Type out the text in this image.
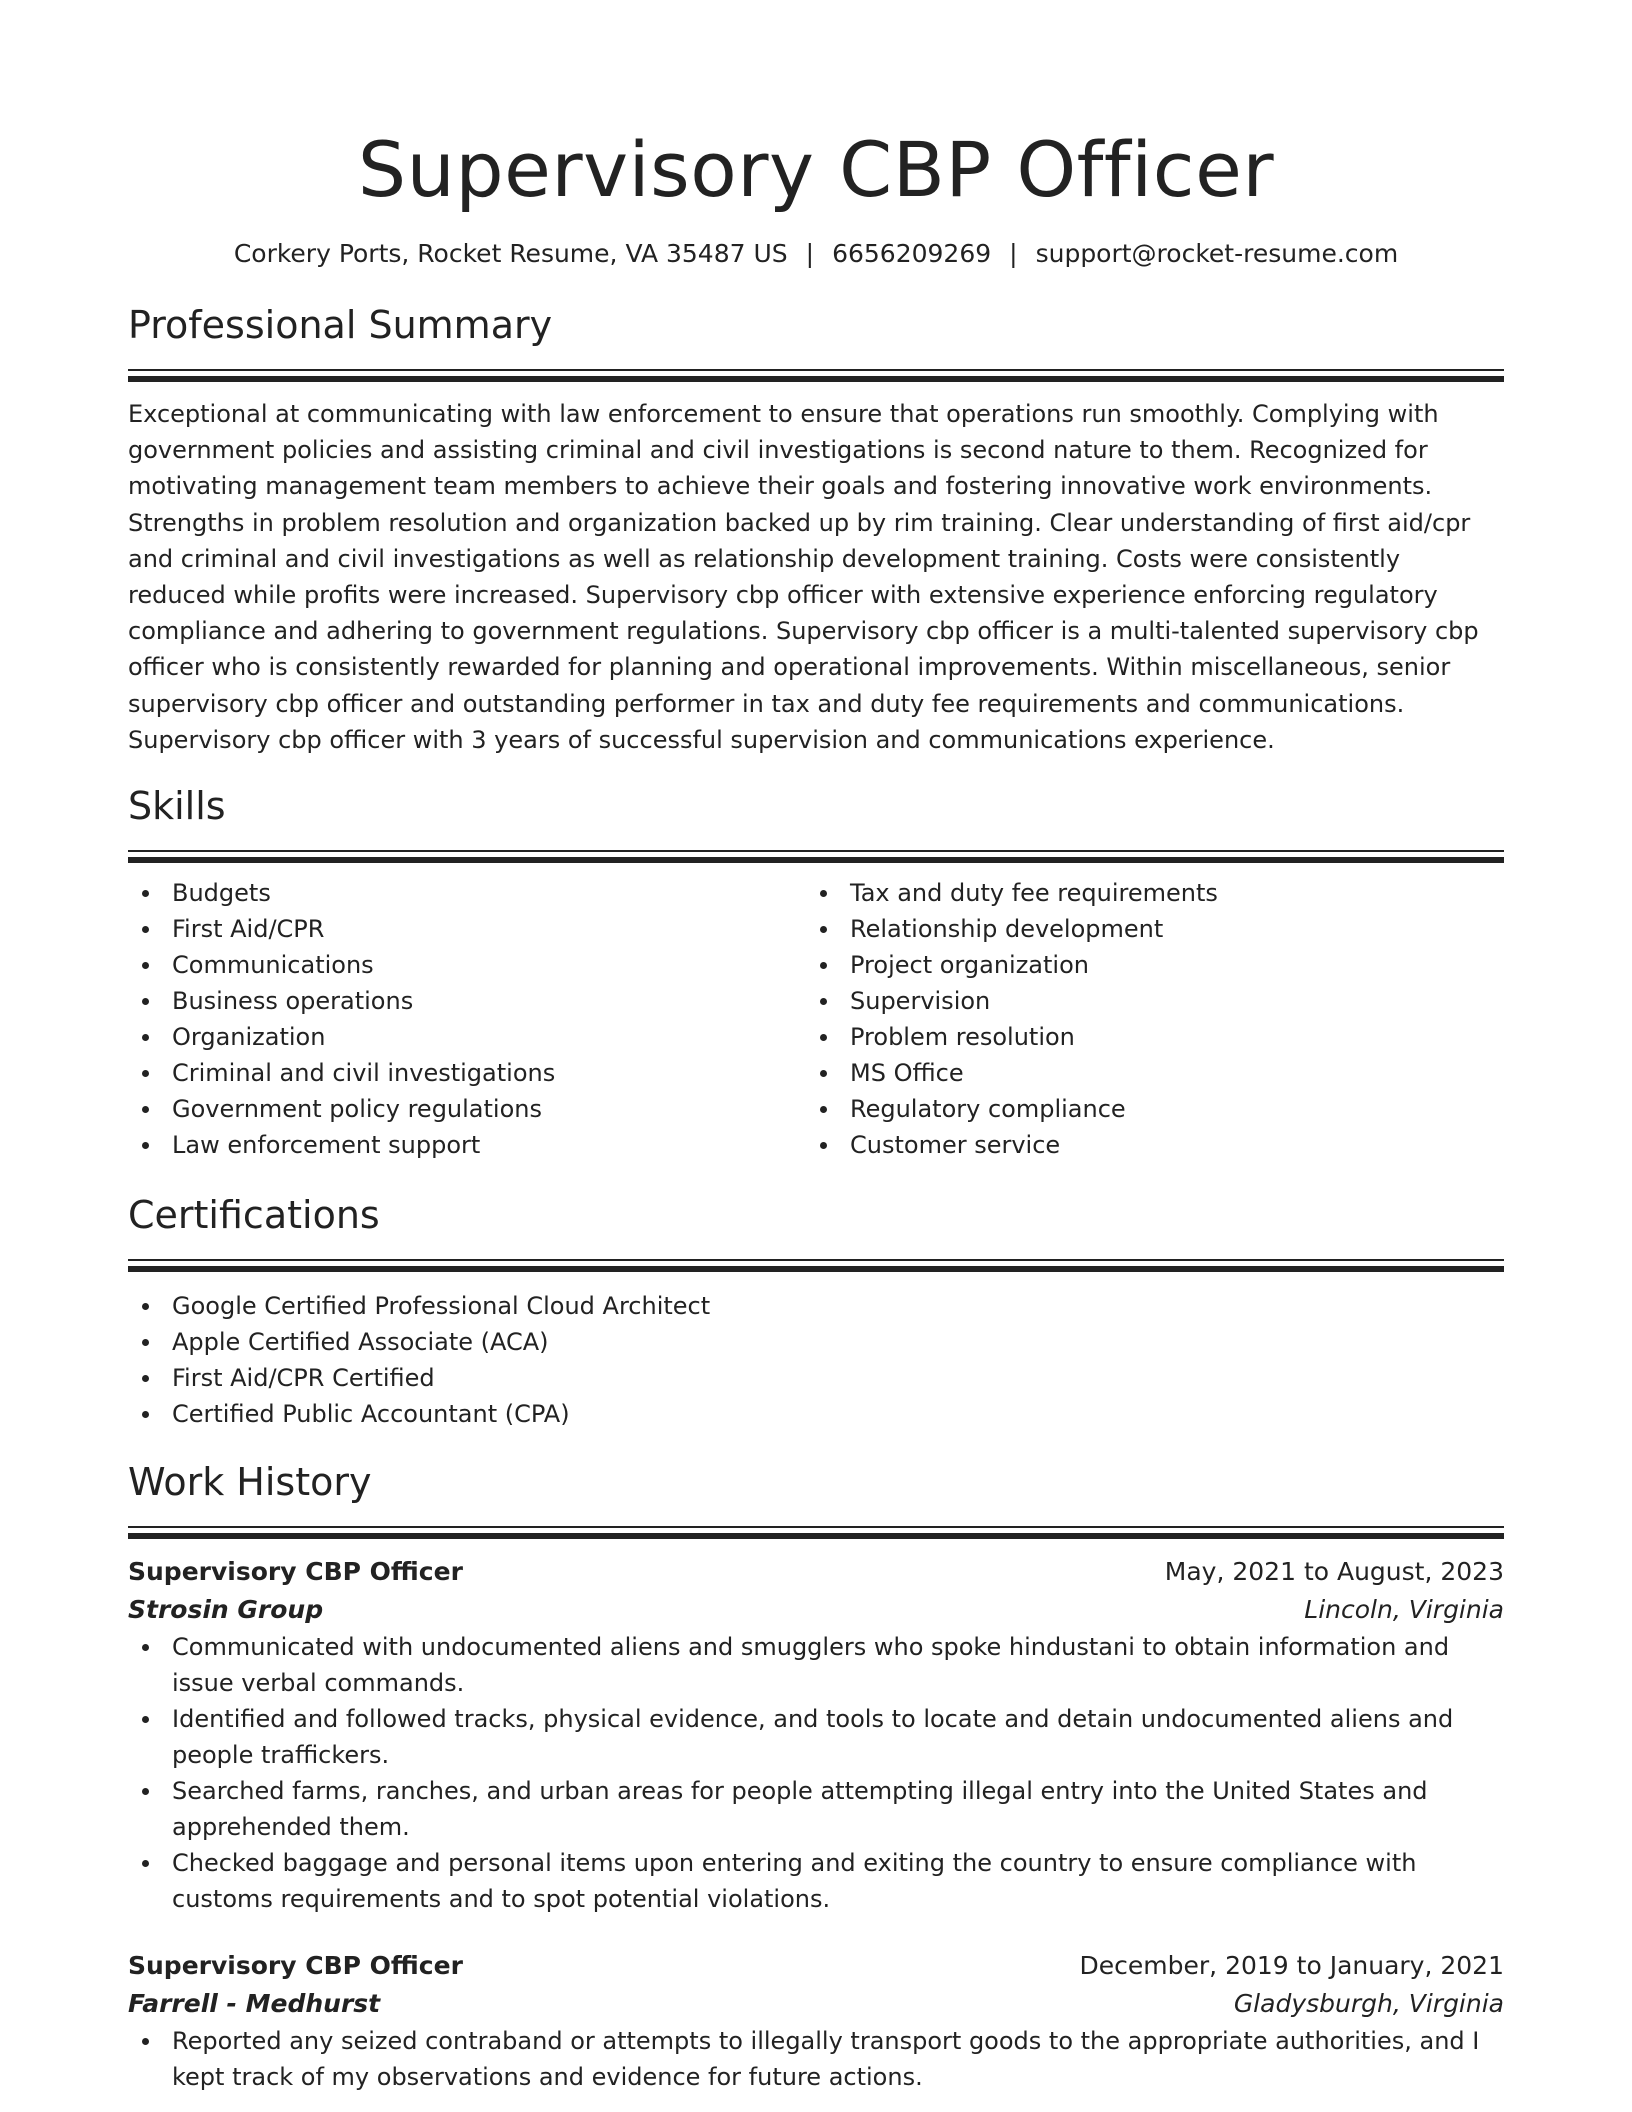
Supervisory CBP Officer
Corkery Ports, Rocket Resume, VA 35487 US | 6656209269 | support@rocket-resume.com
Professional Summary

Exceptional at communicating with law enforcement to ensure that operations run smoothly. Complying with government policies and assisting criminal and civil investigations is second nature to them. Recognized for motivating management team members to achieve their goals and fostering innovative work environments. Strengths in problem resolution and organization backed up by rim training. Clear understanding of first aid/cpr and criminal and civil investigations as well as relationship development training. Costs were consistently reduced while profits were increased. Supervisory cbp officer with extensive experience enforcing regulatory compliance and adhering to government regulations. Supervisory cbp officer is a multi-talented supervisory cbp officer who is consistently rewarded for planning and operational improvements. Within miscellaneous, senior supervisory cbp officer and outstanding performer in tax and duty fee requirements and communications. Supervisory cbp officer with 3 years of successful supervision and communications experience.

Skills
Budgets
First Aid/CPR
Communications
Business operations
Organization
Criminal and civil investigations
Government policy regulations
Law enforcement support
Tax and duty fee requirements
Relationship development
Project organization
Supervision
Problem resolution
MS Office
Regulatory compliance
Customer service
Certifications
Google Certified Professional Cloud Architect
Apple Certified Associate (ACA)
First Aid/CPR Certified
Certified Public Accountant (CPA)
Work History
Supervisory CBP Officer	May, 2021 to August, 2023
Strosin Group	Lincoln, Virginia
Communicated with undocumented aliens and smugglers who spoke hindustani to obtain information and issue verbal commands.
Identified and followed tracks, physical evidence, and tools to locate and detain undocumented aliens and people traffickers.
Searched farms, ranches, and urban areas for people attempting illegal entry into the United States and apprehended them.
Checked baggage and personal items upon entering and exiting the country to ensure compliance with customs requirements and to spot potential violations.
Supervisory CBP Officer	December, 2019 to January, 2021
Farrell - Medhurst	Gladysburgh, Virginia
Reported any seized contraband or attempts to illegally transport goods to the appropriate authorities, and I kept track of my observations and evidence for future actions.
